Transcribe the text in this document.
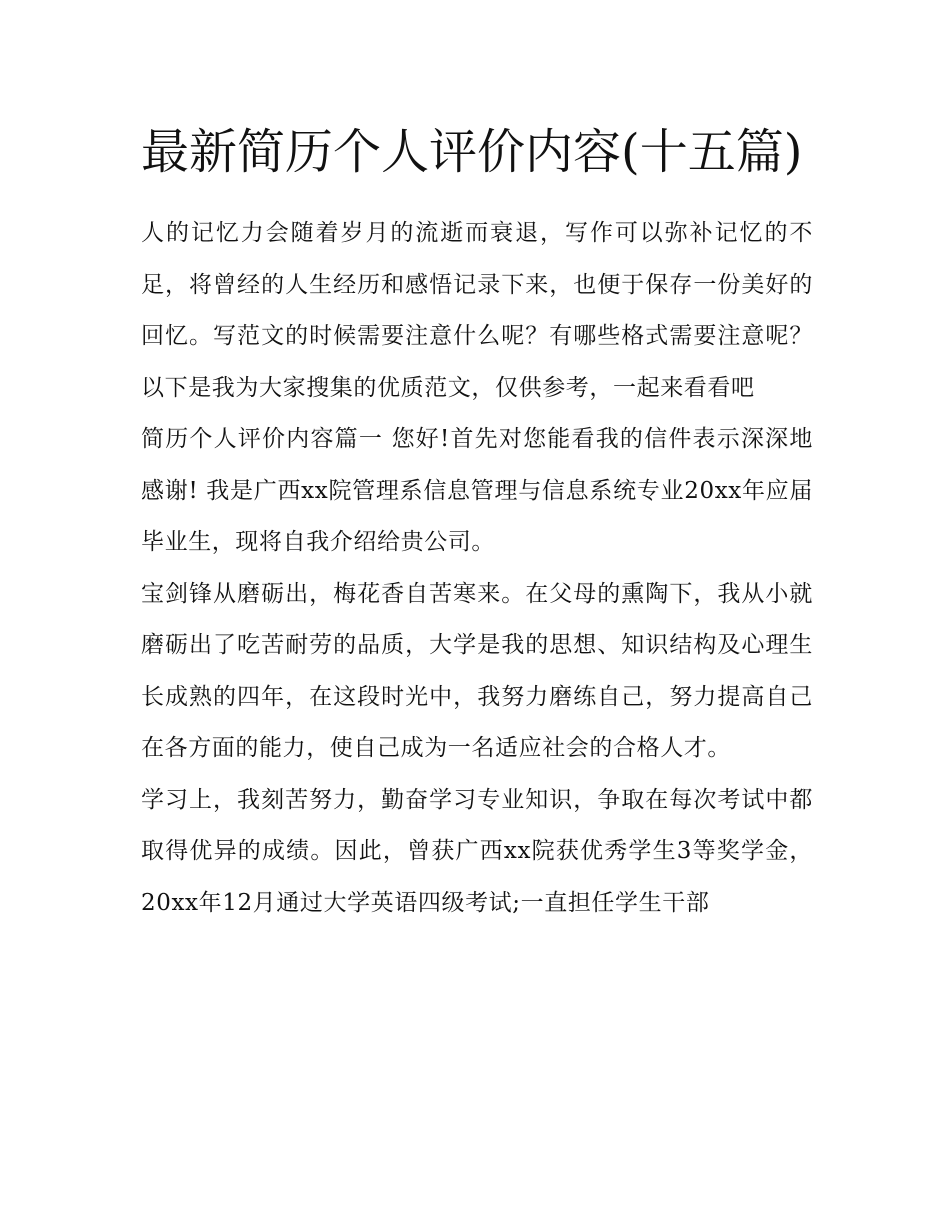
最新简历个人评价内容(十五篇)

人的记忆力会随着岁月的流逝而衰退，写作可以弥补记忆的不足，将曾经的人生经历和感悟记录下来，也便于保存一份美好的回忆。写范文的时候需要注意什么呢？有哪些格式需要注意呢？以下是我为大家搜集的优质范文，仅供参考，一起来看看吧

简历个人评价内容篇一 您好!首先对您能看我的信件表示深深地感谢! 我是广西xx院管理系信息管理与信息系统专业20xx年应届毕业生，现将自我介绍给贵公司。

宝剑锋从磨砺出，梅花香自苦寒来。在父母的熏陶下，我从小就磨砺出了吃苦耐劳的品质，大学是我的思想、知识结构及心理生长成熟的四年，在这段时光中，我努力磨练自己，努力提高自己在各方面的能力，使自己成为一名适应社会的合格人才。

学习上，我刻苦努力，勤奋学习专业知识，争取在每次考试中都取得优异的成绩。因此，曾获广西xx院获优秀学生3等奖学金，20xx年12月通过大学英语四级考试;一直担任学生干部
